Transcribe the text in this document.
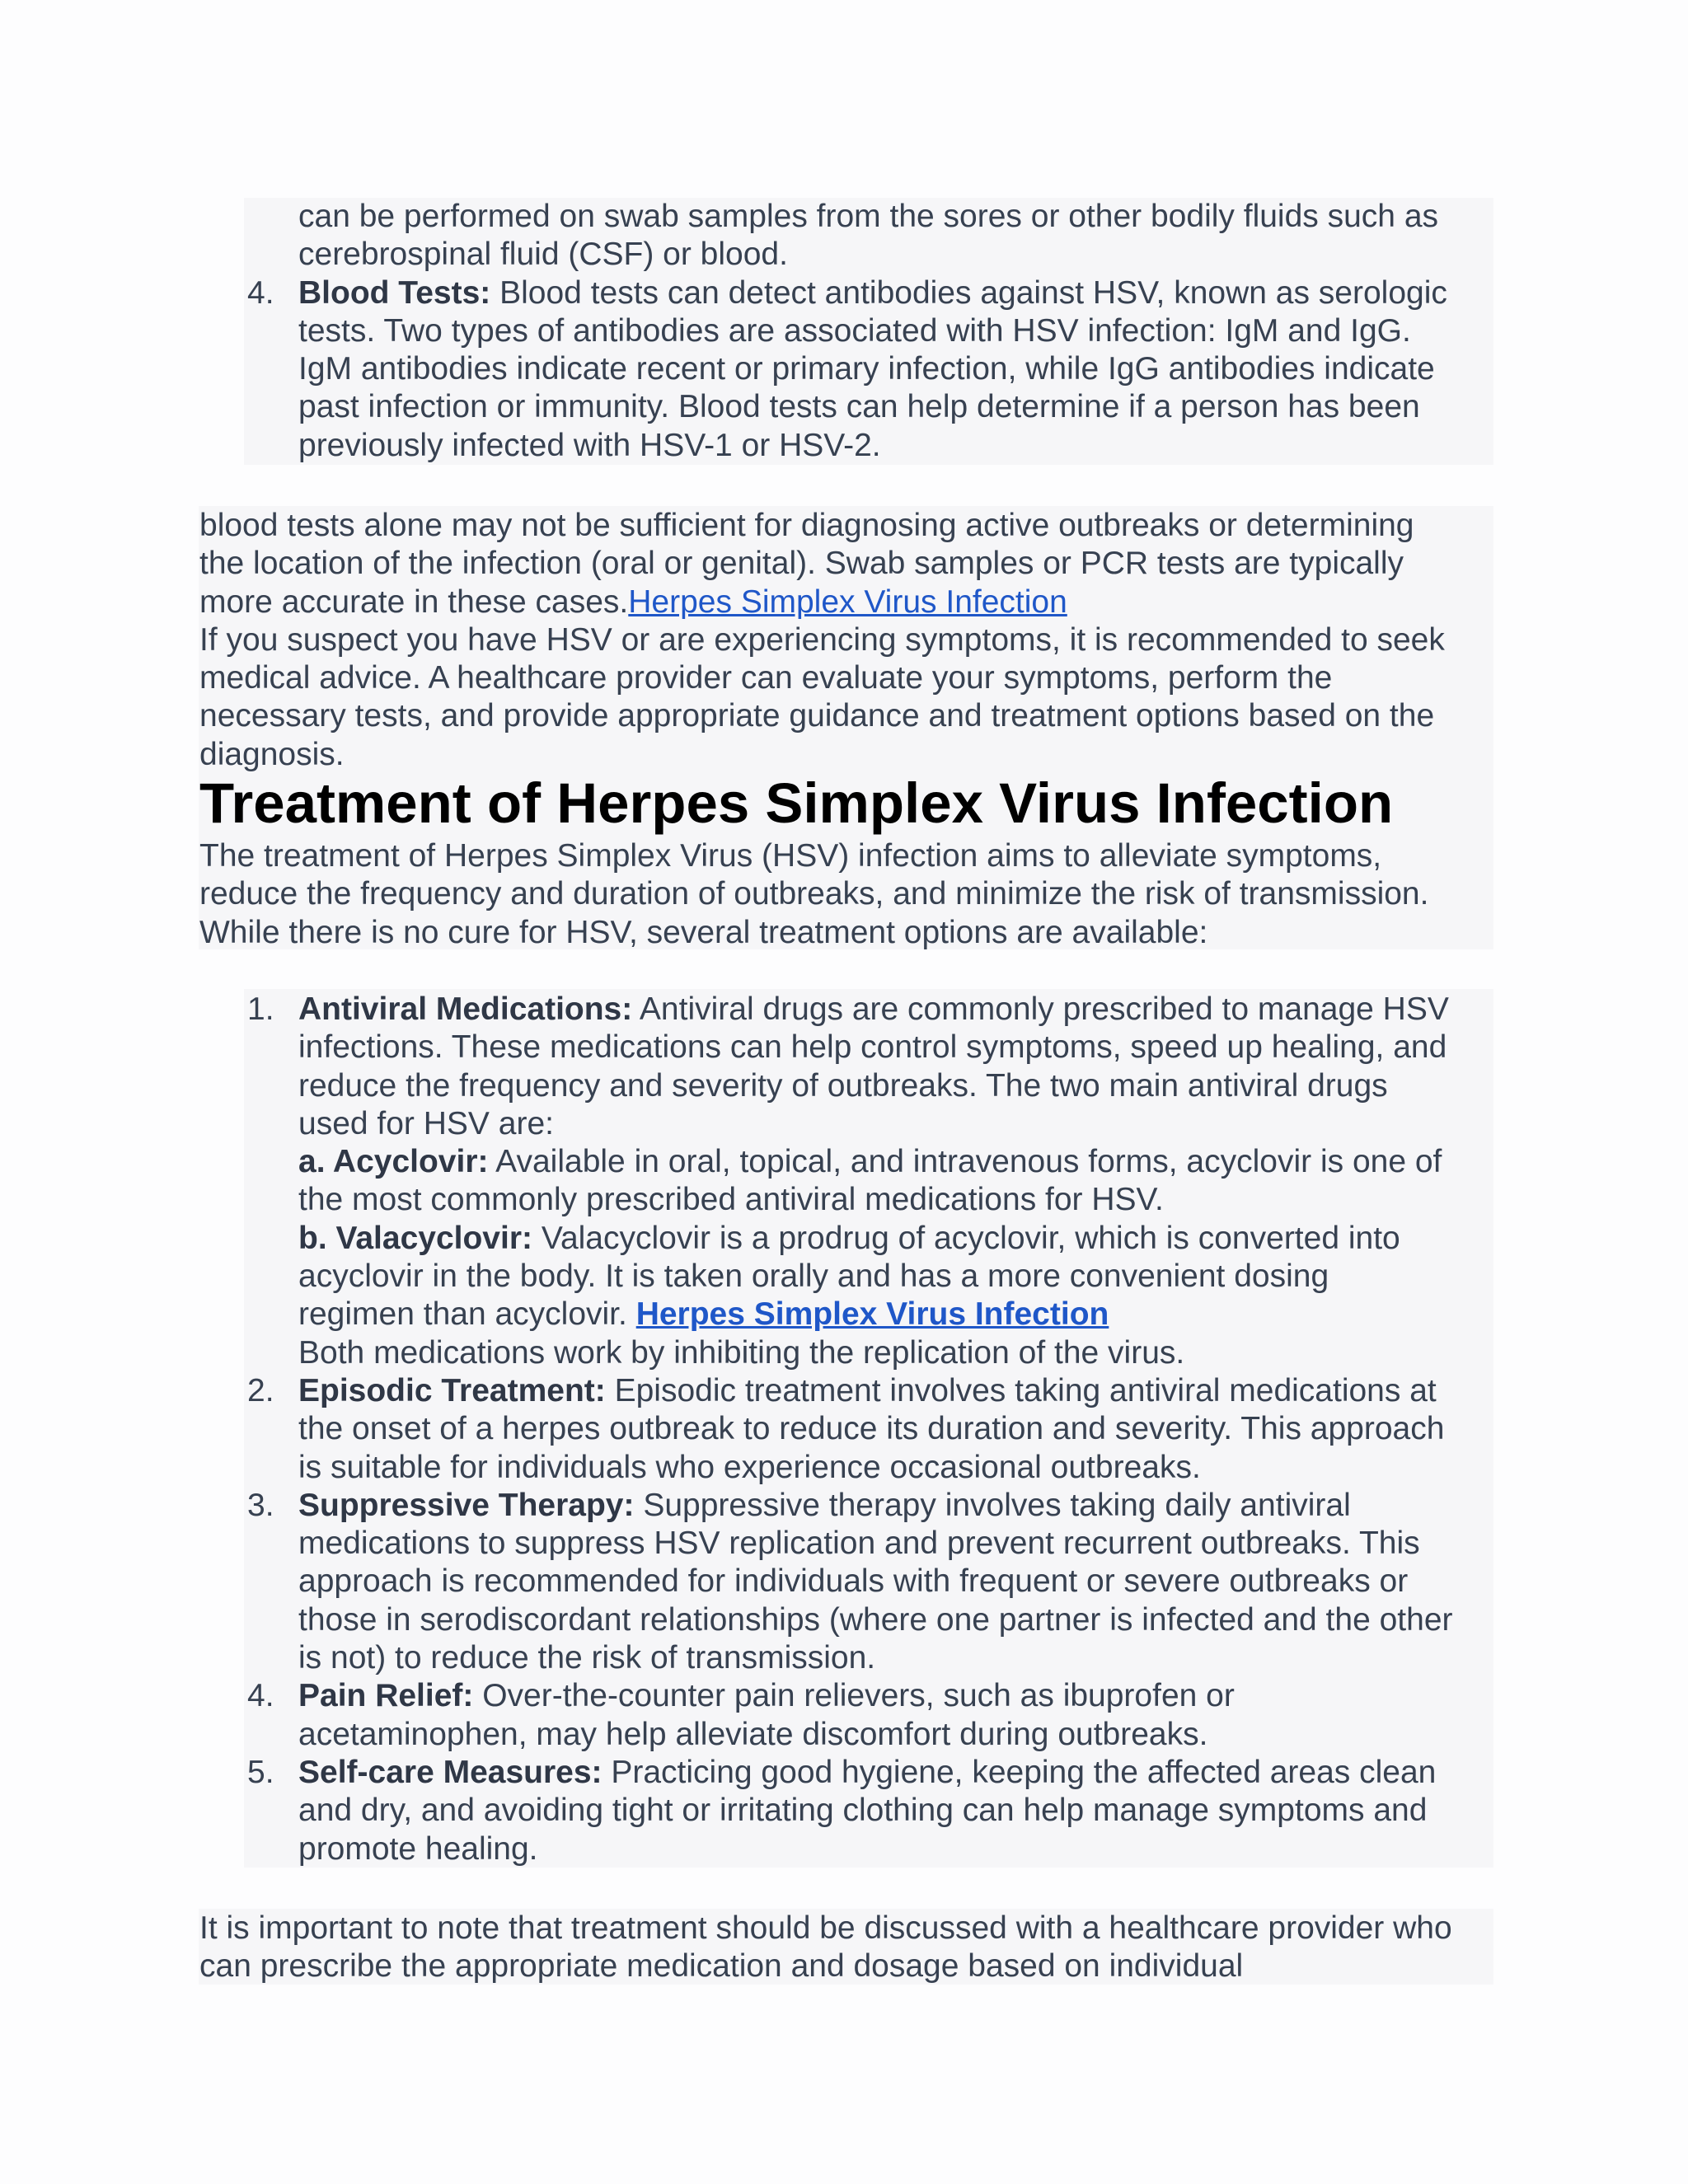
can be performed on swab samples from the sores or other bodily fluids such as
cerebrospinal fluid (CSF) or blood.
4. Blood Tests: Blood tests can detect antibodies against HSV, known as serologic
tests. Two types of antibodies are associated with HSV infection: IgM and IgG.
IgM antibodies indicate recent or primary infection, while IgG antibodies indicate
past infection or immunity. Blood tests can help determine if a person has been
previously infected with HSV-1 or HSV-2.
blood tests alone may not be sufficient for diagnosing active outbreaks or determining
the location of the infection (oral or genital). Swab samples or PCR tests are typically
more accurate in these cases.Herpes Simplex Virus Infection
If you suspect you have HSV or are experiencing symptoms, it is recommended to seek
medical advice. A healthcare provider can evaluate your symptoms, perform the
necessary tests, and provide appropriate guidance and treatment options based on the
diagnosis.
Treatment of Herpes Simplex Virus Infection
The treatment of Herpes Simplex Virus (HSV) infection aims to alleviate symptoms,
reduce the frequency and duration of outbreaks, and minimize the risk of transmission.
While there is no cure for HSV, several treatment options are available:
1. Antiviral Medications: Antiviral drugs are commonly prescribed to manage HSV
infections. These medications can help control symptoms, speed up healing, and
reduce the frequency and severity of outbreaks. The two main antiviral drugs
used for HSV are:
a. Acyclovir: Available in oral, topical, and intravenous forms, acyclovir is one of
the most commonly prescribed antiviral medications for HSV.
b. Valacyclovir: Valacyclovir is a prodrug of acyclovir, which is converted into
acyclovir in the body. It is taken orally and has a more convenient dosing
regimen than acyclovir. Herpes Simplex Virus Infection
Both medications work by inhibiting the replication of the virus.
2. Episodic Treatment: Episodic treatment involves taking antiviral medications at
the onset of a herpes outbreak to reduce its duration and severity. This approach
is suitable for individuals who experience occasional outbreaks.
3. Suppressive Therapy: Suppressive therapy involves taking daily antiviral
medications to suppress HSV replication and prevent recurrent outbreaks. This
approach is recommended for individuals with frequent or severe outbreaks or
those in serodiscordant relationships (where one partner is infected and the other
is not) to reduce the risk of transmission.
4. Pain Relief: Over-the-counter pain relievers, such as ibuprofen or
acetaminophen, may help alleviate discomfort during outbreaks.
5. Self-care Measures: Practicing good hygiene, keeping the affected areas clean
and dry, and avoiding tight or irritating clothing can help manage symptoms and
promote healing.
It is important to note that treatment should be discussed with a healthcare provider who
can prescribe the appropriate medication and dosage based on individual
